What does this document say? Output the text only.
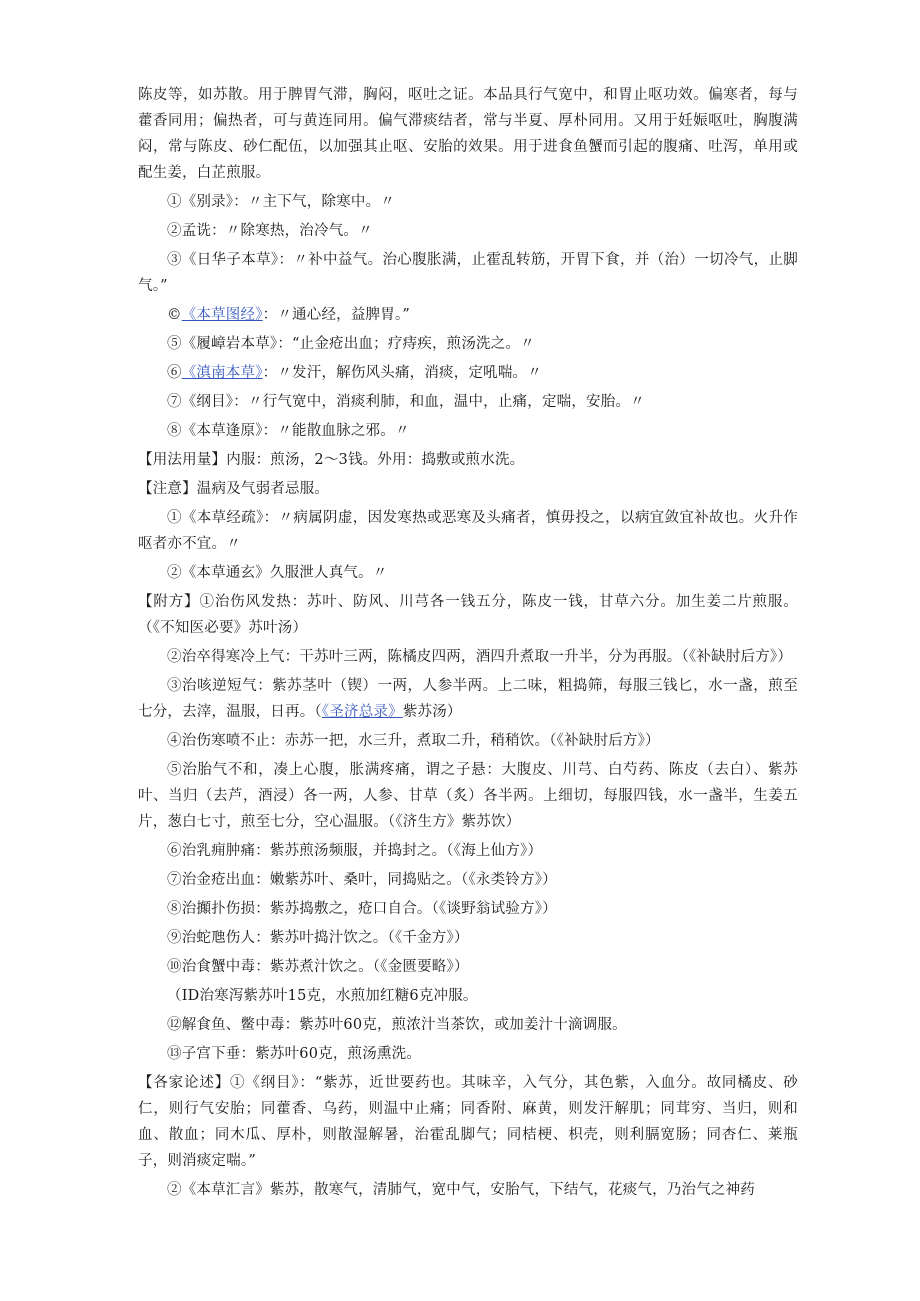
陈皮等，如苏散。用于脾胃气滞，胸闷，呕吐之证。本品具行气宽中，和胃止呕功效。偏寒者，每与藿香同用；偏热者，可与黄连同用。偏气滞痰结者，常与半夏、厚朴同用。又用于妊娠呕吐，胸腹满闷，常与陈皮、砂仁配伍，以加强其止呕、安胎的效果。用于进食鱼蟹而引起的腹痛、吐泻，单用或配生姜，白芷煎服。

①《别录》：〃主下气，除寒中。〃

②孟诜：〃除寒热，治冷气。〃

③《日华子本草》：〃补中益气。治心腹胀满，止霍乱转筋，开胃下食，并（治）一切冷气，止脚气。”

©《本草图经》：〃通心经，益脾胃。”

⑤《履嶂岩本草》：“止金疮出血；疗痔疾，煎汤洗之。〃

⑥《滇南本草》：〃发汗，解伤风头痛，消痰，定吼喘。〃

⑦《纲目》：〃行气宽中，消痰利肺，和血，温中，止痛，定喘，安胎。〃

⑧《本草逢原》：〃能散血脉之邪。〃

【用法用量】内服：煎汤，2〜3钱。外用：捣敷或煎水洗。

【注意】温病及气弱者忌服。

①《本草经疏》：〃病属阴虚，因发寒热或恶寒及头痛者，慎毋投之，以病宜敛宜补故也。火升作呕者亦不宜。〃

②《本草通玄》久服泄人真气。〃

【附方】①治伤风发热：苏叶、防风、川芎各一钱五分，陈皮一钱，甘草六分。加生姜二片煎服。（《不知医必要》苏叶汤）

②治卒得寒冷上气：干苏叶三两，陈橘皮四两，酒四升煮取一升半，分为再服。（《补缺肘后方》）

③治咳逆短气：紫苏茎叶（锲）一两，人参半两。上二味，粗捣筛，每服三钱匕，水一盏，煎至七分，去滓，温服，日再。（《圣济总录》紫苏汤）

④治伤寒喷不止：赤苏一把，水三升，煮取二升，稍稍饮。（《补缺肘后方》）

⑤治胎气不和，凑上心腹，胀满疼痛，谓之子悬：大腹皮、川芎、白芍药、陈皮（去白）、紫苏叶、当归（去芦，酒浸）各一两，人参、甘草（炙）各半两。上细切，每服四钱，水一盏半，生姜五片，葱白七寸，煎至七分，空心温服。（《济生方》紫苏饮）

⑥治乳痈肿痛：紫苏煎汤频服，并捣封之。（《海上仙方》）

⑦治金疮出血：嫩紫苏叶、桑叶，同捣贴之。（《永类铃方》）

⑧治攧扑伤损：紫苏捣敷之，疮口自合。（《谈野翁试验方》）

⑨治蛇虺伤人：紫苏叶捣汁饮之。（《千金方》）

⑩治食蟹中毒：紫苏煮汁饮之。（《金匮要略》）

（ID治寒泻紫苏叶15克，水煎加红糖6克冲服。

⑫解食鱼、鳖中毒：紫苏叶60克，煎浓汁当茶饮，或加姜汁十滴调服。

⑬子宫下垂：紫苏叶60克，煎汤熏洗。

【各家论述】①《纲目》：“紫苏，近世要药也。其味辛，入气分，其色紫，入血分。故同橘皮、砂仁，则行气安胎；同藿香、乌药，则温中止痛；同香附、麻黄，则发汗解肌；同茸穷、当归，则和血、散血；同木瓜、厚朴，则散湿解暑，治霍乱脚气；同桔梗、枳壳，则利膈宽肠；同杏仁、莱瓶子，则消痰定喘。”

②《本草汇言》紫苏，散寒气，清肺气，宽中气，安胎气，下结气，花痰气，乃治气之神药
